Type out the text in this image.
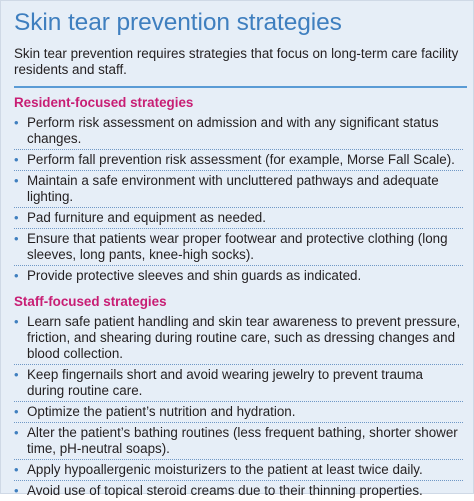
Skin tear prevention strategies

Skin tear prevention requires strategies that focus on long-term care facility residents and staff.

Resident-focused strategies
• Perform risk assessment on admission and with any significant status changes.
• Perform fall prevention risk assessment (for example, Morse Fall Scale).
• Maintain a safe environment with uncluttered pathways and adequate lighting.
• Pad furniture and equipment as needed.
• Ensure that patients wear proper footwear and protective clothing (long sleeves, long pants, knee-high socks).
• Provide protective sleeves and shin guards as indicated.
Staff-focused strategies
• Learn safe patient handling and skin tear awareness to prevent pressure, friction, and shearing during routine care, such as dressing changes and blood collection.
• Keep fingernails short and avoid wearing jewelry to prevent trauma during routine care.
• Optimize the patient’s nutrition and hydration.
• Alter the patient’s bathing routines (less frequent bathing, shorter shower time, pH-neutral soaps).
• Apply hypoallergenic moisturizers to the patient at least twice daily.
• Avoid use of topical steroid creams due to their thinning properties.
